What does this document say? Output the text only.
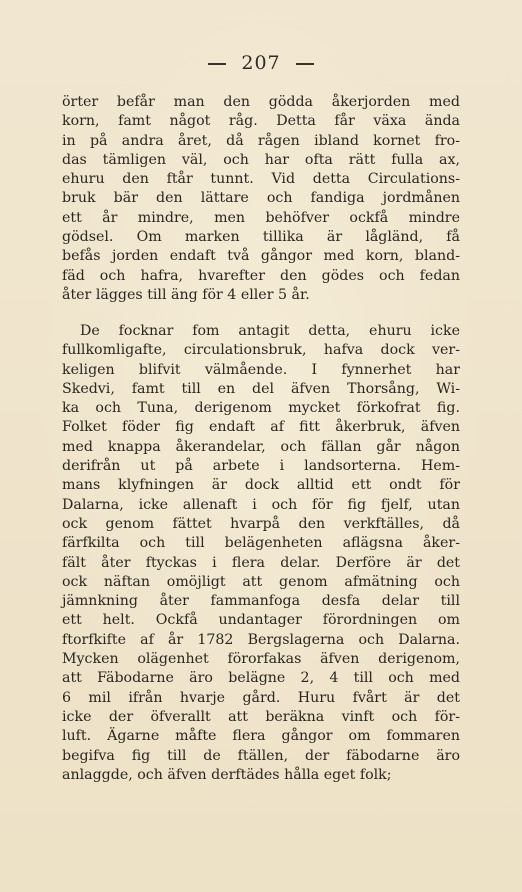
207
örter befår man den gödda åkerjorden med
korn, famt något råg. Detta får växa ända
in på andra året, då rågen ibland kornet fro-
das tämligen väl, och har ofta rätt fulla ax,
ehuru den ftår tunnt. Vid detta Circulations-
bruk bär den lättare och fandiga jordmånen
ett år mindre, men behöfver ockfå mindre
gödsel. Om marken tillika är lågländ, få
befås jorden endaft två gångor med korn, bland-
fäd och hafra, hvarefter den gödes och fedan
åter lägges till äng för 4 eller 5 år.
De focknar fom antagit detta, ehuru icke
fullkomligafte, circulationsbruk, hafva dock ver-
keligen blifvit välmående. I fynnerhet har
Skedvi, famt till en del äfven Thorsång, Wi-
ka och Tuna, derigenom mycket förkofrat fig.
Folket föder fig endaft af fitt åkerbruk, äfven
med knappa åkerandelar, och fällan går någon
derifrån ut på arbete i landsorterna. Hem-
mans klyfningen är dock alltid ett ondt för
Dalarna, icke allenaft i och för fig fjelf, utan
ock genom fättet hvarpå den verkftälles, då
färfkilta och till belägenheten aflägsna åker-
fält åter ftyckas i flera delar. Derföre är det
ock näftan omöjligt att genom afmätning och
jämnkning åter fammanfoga desfa delar till
ett helt. Ockfå undantager förordningen om
ftorfkifte af år 1782 Bergslagerna och Dalarna.
Mycken olägenhet förorfakas äfven derigenom,
att Fäbodarne äro belägne 2, 4 till och med
6 mil ifrån hvarje gård. Huru fvårt är det
icke der öfverallt att beräkna vinft och för-
luft. Ägarne måfte flera gångor om fommaren
begifva fig till de ftällen, der fäbodarne äro
anlaggde, och äfven derftädes hålla eget folk;
